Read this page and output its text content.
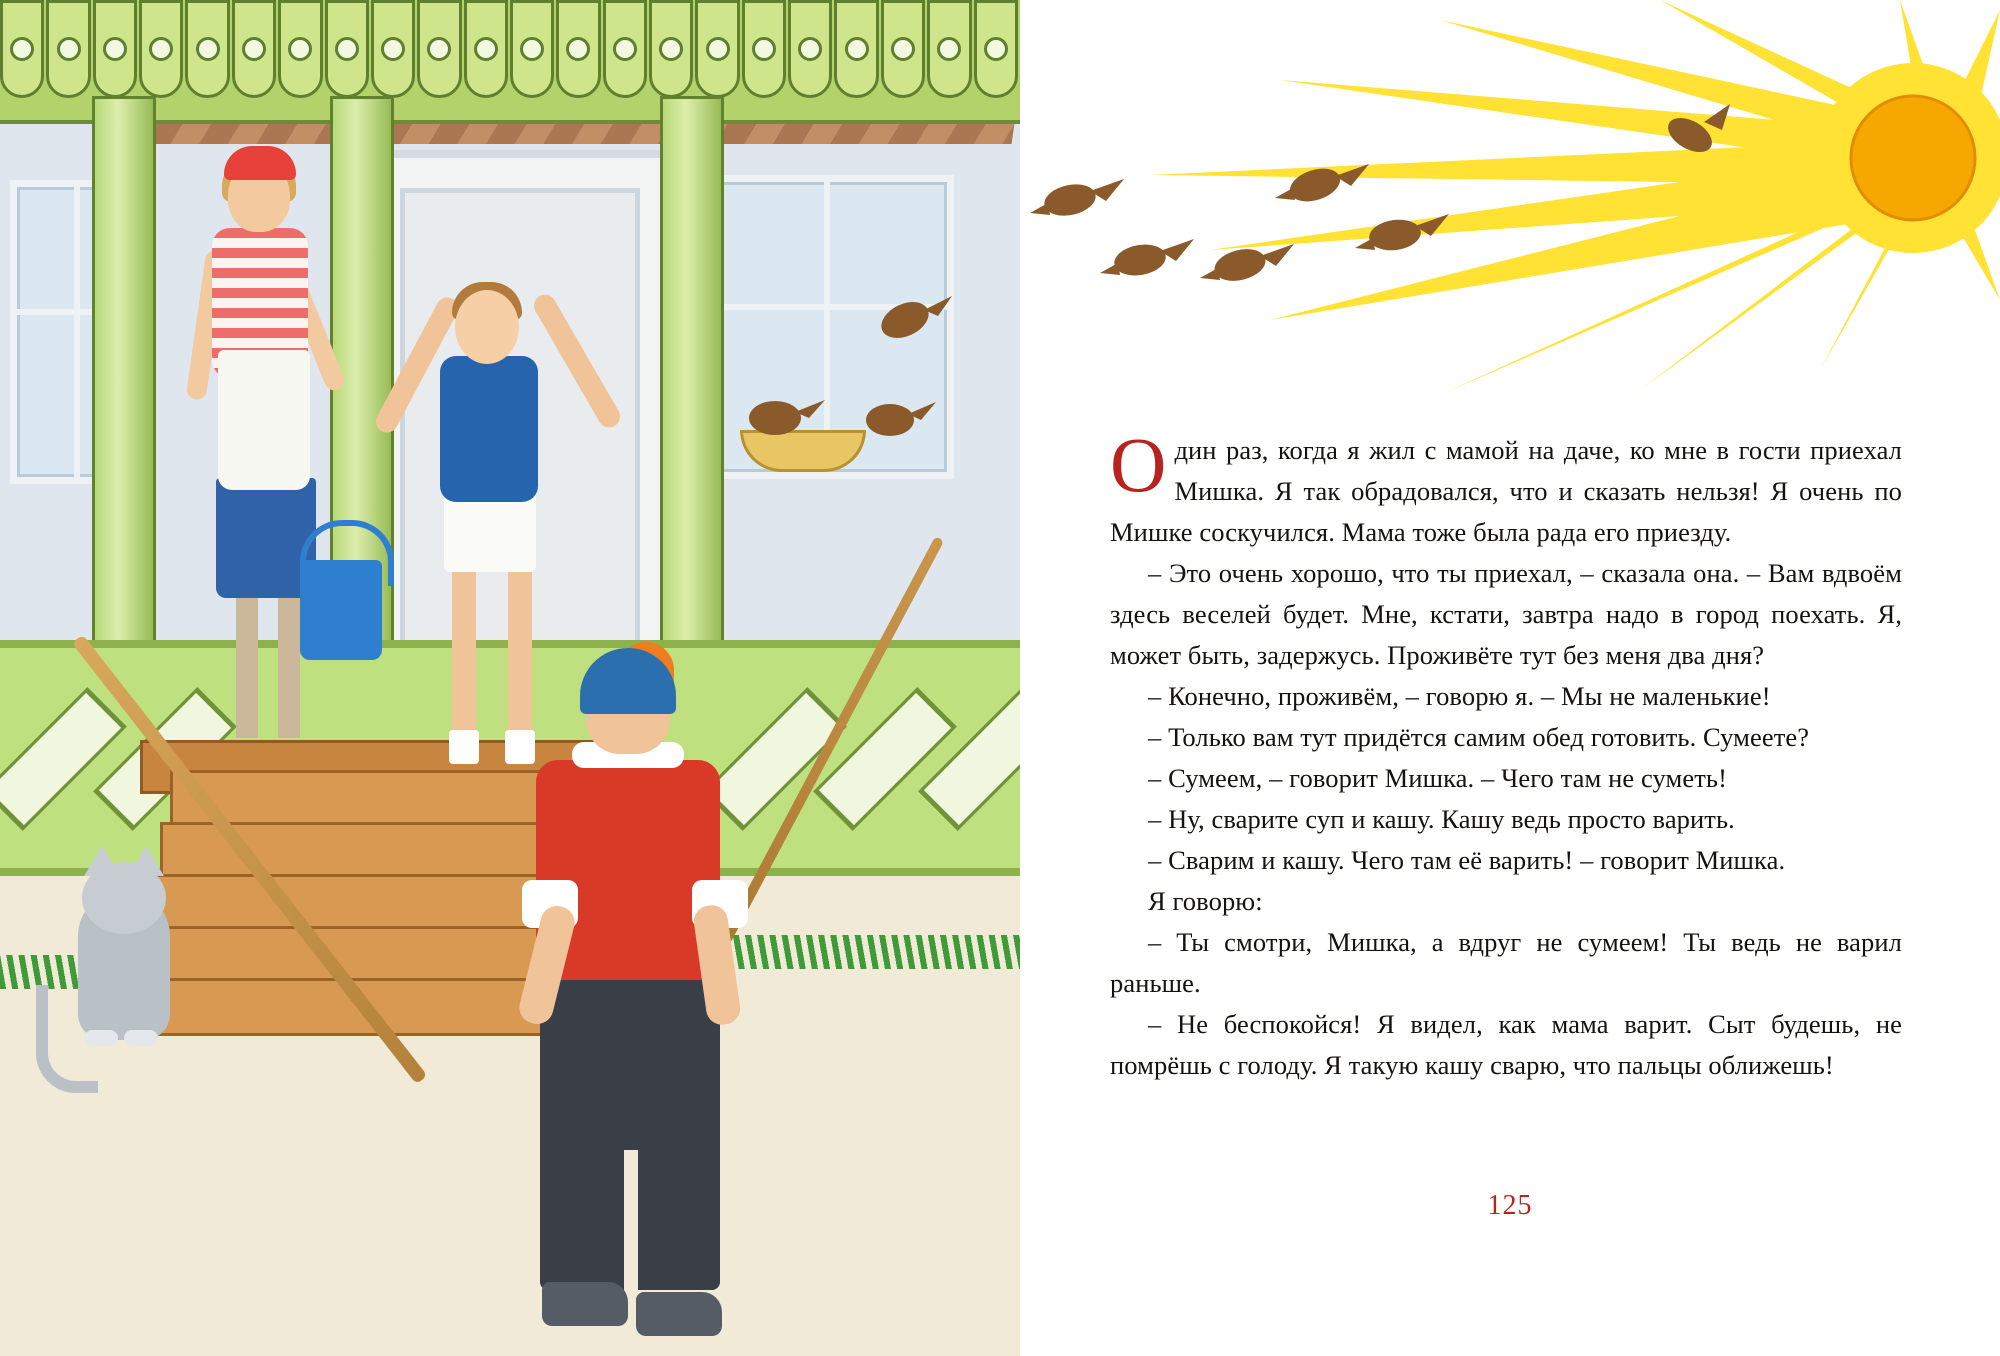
Один раз, когда я жил с мамой на даче, ко мне в гости приехал Мишка. Я так обрадовался, что и сказать нельзя! Я очень по Мишке соскучился. Мама тоже была рада его приезду.

– Это очень хорошо, что ты приехал, – сказала она. – Вам вдвоём здесь веселей будет. Мне, кстати, завтра надо в город поехать. Я, может быть, задержусь. Проживёте тут без меня два дня?

– Конечно, проживём, – говорю я. – Мы не маленькие!

– Только вам тут придётся самим обед готовить. Сумеете?

– Сумеем, – говорит Мишка. – Чего там не суметь!

– Ну, сварите суп и кашу. Кашу ведь просто варить.

– Сварим и кашу. Чего там её варить! – говорит Мишка.

Я говорю:

– Ты смотри, Мишка, а вдруг не сумеем! Ты ведь не варил раньше.

– Не беспокойся! Я видел, как мама варит. Сыт будешь, не помрёшь с голоду. Я такую кашу сварю, что пальцы оближешь!

125
